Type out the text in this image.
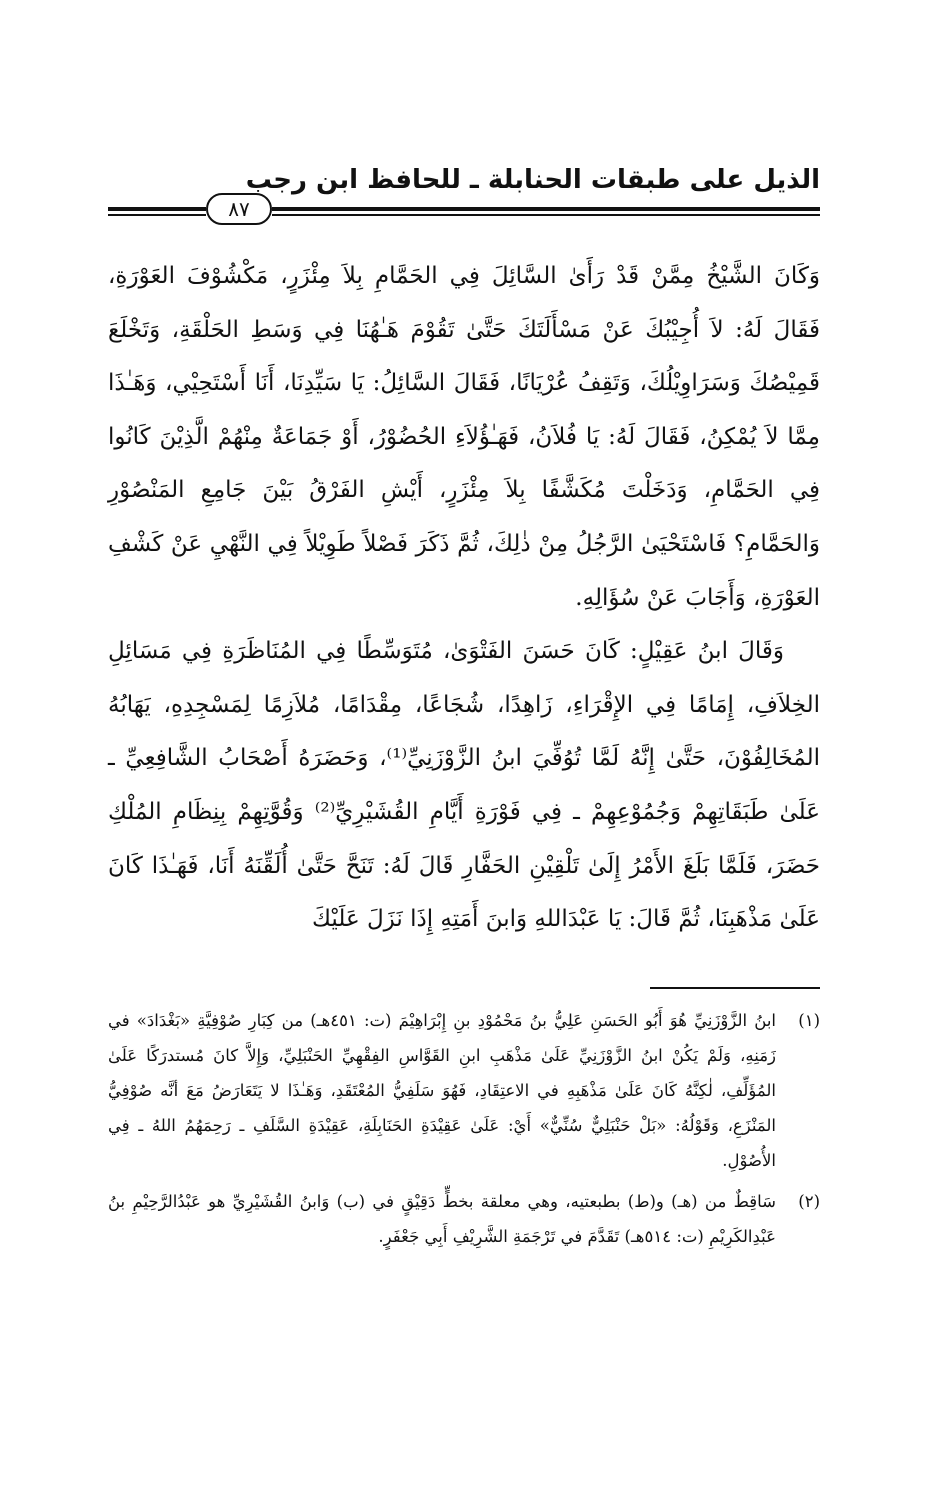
الذيل على طبقات الحنابلة ـ للحافظ ابن رجب
٨٧

وَكَانَ الشَّيْخُ مِمَّنْ قَدْ رَأَىٰ السَّائِلَ فِي الحَمَّامِ بِلاَ مِئْزَرٍ، مَكْشُوْفَ العَوْرَةِ، فَقَالَ لَهُ: لاَ أُجِيْبُكَ عَنْ مَسْأَلَتَكَ حَتَّىٰ تَقُوْمَ هَـٰهُنَا فِي وَسَطِ الحَلْقَةِ، وَتَخْلَعَ قَمِيْصُكَ وَسَرَاوِيْلُكَ، وَتَقِفُ عُرْيَانًا، فَقَالَ السَّائِلُ: يَا سَيِّدِنَا، أَنَا أَسْتَحِيْي، وَهَـٰذَا مِمَّا لاَ يُمْكِنُ، فَقَالَ لَهُ: يَا فُلاَنُ، فَهَـٰؤُلاَءِ الحُضُوْرُ، أَوْ جَمَاعَةٌ مِنْهُمْ الَّذِيْنَ كَانُوا فِي الحَمَّامِ، وَدَخَلْتَ مُكَشَّفًا بِلاَ مِئْزَرٍ، أَيْشِ الفَرْقُ بَيْنَ جَامِعِ المَنْصُوْرِ وَالحَمَّامِ؟ فَاسْتَحْيَىٰ الرَّجُلُ مِنْ ذٰلِكَ، ثُمَّ ذَكَرَ فَصْلاً طَوِيْلاً فِي النَّهْيِ عَنْ كَشْفِ العَوْرَةِ، وَأَجَابَ عَنْ سُؤَالِهِ.

وَقَالَ ابنُ عَقِيْلٍ: كَانَ حَسَنَ الفَتْوَىٰ، مُتَوَسِّطًا فِي المُنَاظَرَةِ فِي مَسَائِلِ الخِلاَفِ، إِمَامًا فِي الإِقْرَاءِ، زَاهِدًا، شُجَاعًا، مِقْدَامًا، مُلاَزِمًا لِمَسْجِدِهِ، يَهَابُهُ المُخَالِفُوْنَ، حَتَّىٰ إِنَّهُ لَمَّا تُوُفِّيَ ابنُ الزَّوْزَنِيِّ⁽¹⁾، وَحَضَرَهُ أَصْحَابُ الشَّافِعِيِّ ـ عَلَىٰ طَبَقَاتِهِمْ وَجُمُوْعِهِمْ ـ فِي فَوْرَةِ أَيَّامِ القُشَيْرِيِّ⁽²⁾ وَقُوَّتِهِمْ بِنِظَامِ المُلْكِ حَضَرَ، فَلَمَّا بَلَغَ الأَمْرُ إِلَىٰ تَلْقِيْنِ الحَفَّارِ قَالَ لَهُ: تَنَحَّ حَتَّىٰ أُلَقِّنَهُ أَنَا، فَهَـٰذَا كَانَ عَلَىٰ مَذْهَبِنَا، ثُمَّ قَالَ: يَا عَبْدَاللهِ وَابنَ أَمَتِهِ إِذَا نَزَلَ عَلَيْكَ

(١)
ابنُ الزَّوْزَنِيِّ هُوَ أَبُو الحَسَنِ عَلِيُّ بنُ مَحْمُوْدِ بنِ إِبْرَاهِيْمَ (ت: ٤٥١هـ) من كِبَارِ صُوْفِيَّةِ «بَغْدَادَ» في زَمَنِهِ، وَلَمْ يَكُنْ ابنُ الزَّوْزَنِيِّ عَلَىٰ مَذْهَبِ ابنِ القَوَّاسِ الفِقْهِيِّ الحَنْبَلِيِّ، وَإِلاَّ كانَ مُستدرَكًا عَلَىٰ المُؤَلِّفِ، لٰكِنَّهُ كَانَ عَلَىٰ مَذْهَبِهِ في الاعتِقَادِ، فَهُوَ سَلَفِيُّ المُعْتَقَدِ، وَهَـٰذَا لا يَتَعَارَضُ مَعَ أنَّه صُوْفِيُّ المَنْزَعِ، وَقَوْلُهُ: «بَلْ حَنْبَلِيٌّ سُنِّيٌّ» أَيْ: عَلَىٰ عَقِيْدَةِ الحَنَابِلَةِ، عَقِيْدَةِ السَّلَفِ ـ رَحِمَهُمُ اللهُ ـ فِي الأُصُوْلِ.
(٢)
سَاقِطٌ من (هـ) و(ط) بطبعتيه، وهي معلقة بخطٍّ دَقِيْقٍ في (ب) وَابنُ القُشَيْرِيِّ هو عَبْدُالرَّحِيْمِ بنُ عَبْدِالكَرِيْمِ (ت: ٥١٤هـ) تَقَدَّمَ في تَرْجَمَةِ الشَّرِيْفِ أَبِي جَعْفَرٍ.
